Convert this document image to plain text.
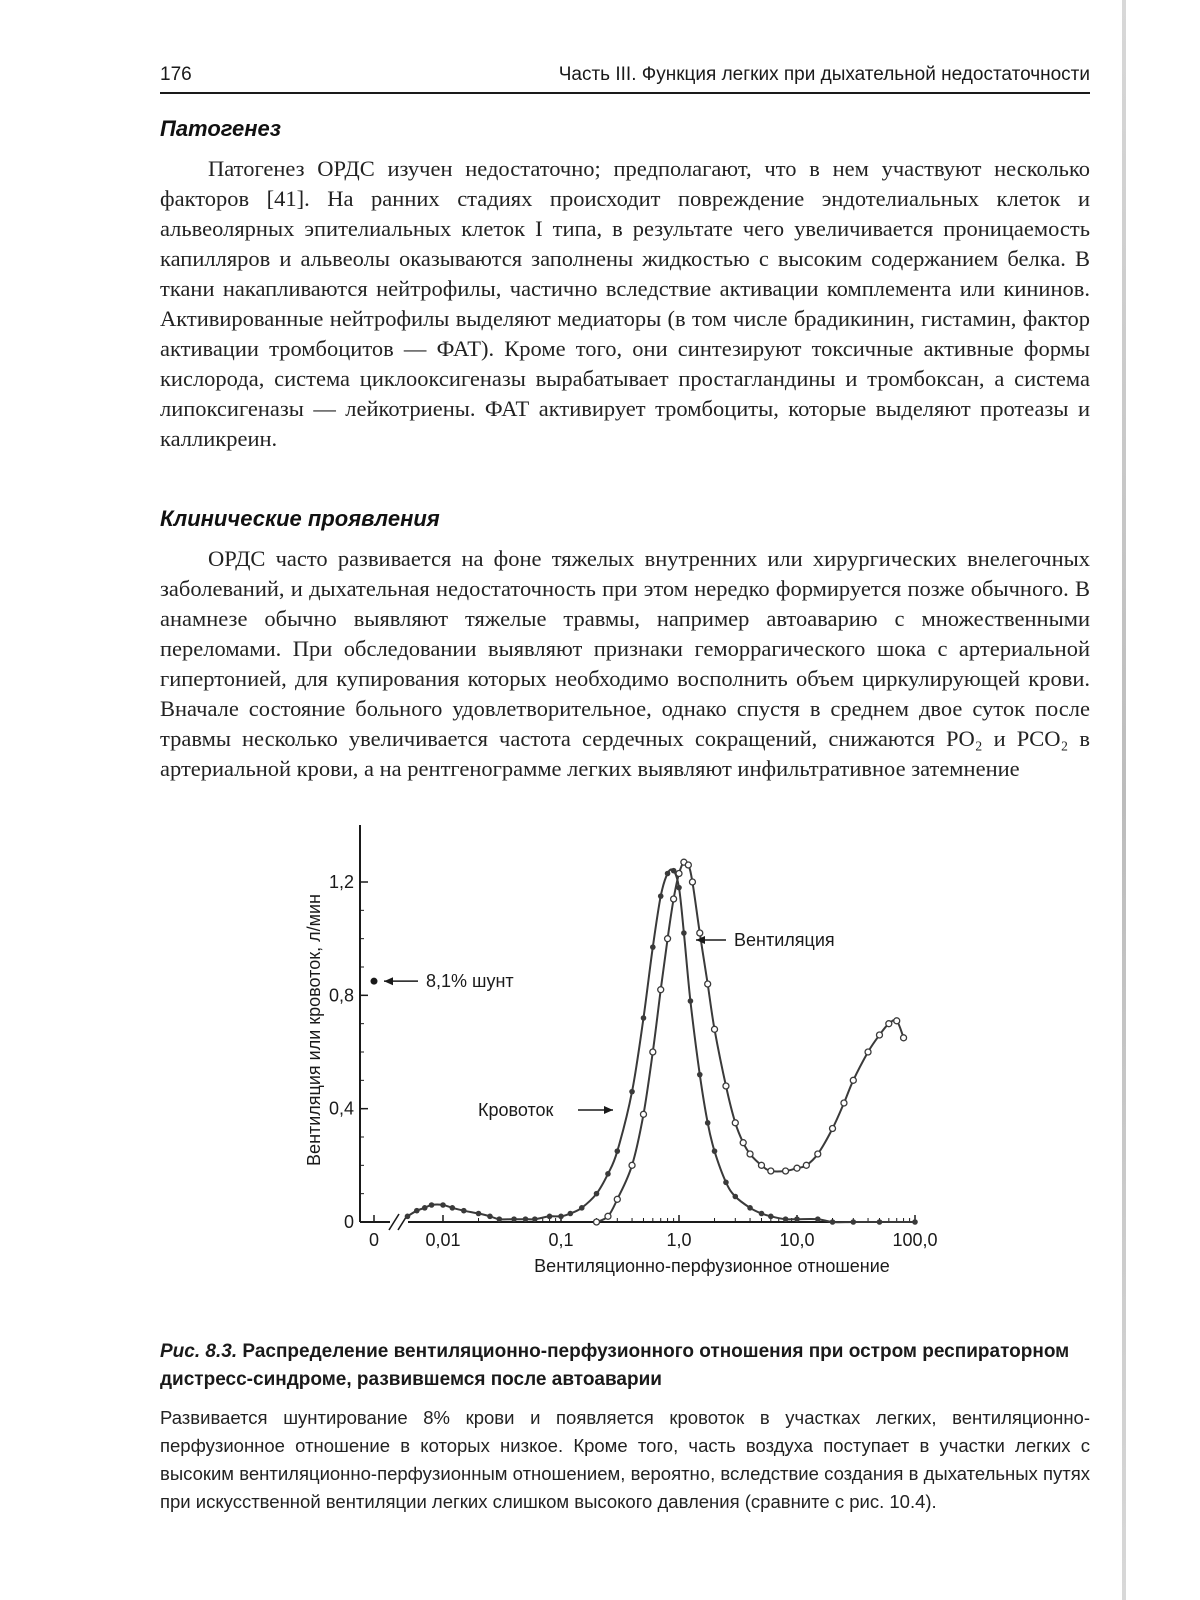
176	Часть III. Функция легких при дыхательной недостаточности
Патогенез

Патогенез ОРДС изучен недостаточно; предполагают, что в нем участвуют несколько факторов [41]. На ранних стадиях происходит повреждение эндотелиальных клеток и альвеолярных эпителиальных клеток I типа, в результате чего увеличивается проницаемость капилляров и альвеолы оказываются заполнены жидкостью с высоким содержанием белка. В ткани накапливаются нейтрофилы, частично вследствие активации комплемента или кининов. Активированные нейтрофилы выделяют медиаторы (в том числе брадикинин, гистамин, фактор активации тромбоцитов — ФАТ). Кроме того, они синтезируют токсичные активные формы кислорода, система циклооксигеназы вырабатывает простагландины и тромбоксан, а система липоксигеназы — лейкотриены. ФАТ активирует тромбоциты, которые выделяют протеазы и калликреин.

Клинические проявления

ОРДС часто развивается на фоне тяжелых внутренних или хирургических внелегочных заболеваний, и дыхательная недостаточность при этом нередко формируется позже обычного. В анамнезе обычно выявляют тяжелые травмы, например автоаварию с множественными переломами. При обследовании выявляют признаки геморрагического шока с артериальной гипертонией, для купирования которых необходимо восполнить объем циркулирующей крови. Вначале состояние больного удовлетворительное, однако спустя в среднем двое суток после травмы несколько увеличивается частота сердечных сокращений, снижаются PO₂ и PCO₂ в артериальной крови, а на рентгенограмме легких выявляют инфильтративное затемнение

0
0,4
0,8
1,2
0	0,01	0,1	1,0	10,0	100,0
8,1% шунт
Кровоток
Вентиляция
Вентиляционно-перфузионное отношение
Вентиляция или кровоток, л/мин

Рис. 8.3. Распределение вентиляционно-перфузионного отношения при остром респираторном дистресс-синдроме, развившемся после автоаварии

Развивается шунтирование 8% крови и появляется кровоток в участках легких, вентиляционно-перфузионное отношение в которых низкое. Кроме того, часть воздуха поступает в участки легких с высоким вентиляционно-перфузионным отношением, вероятно, вследствие создания в дыхательных путях при искусственной вентиляции легких слишком высокого давления (сравните с рис. 10.4).
